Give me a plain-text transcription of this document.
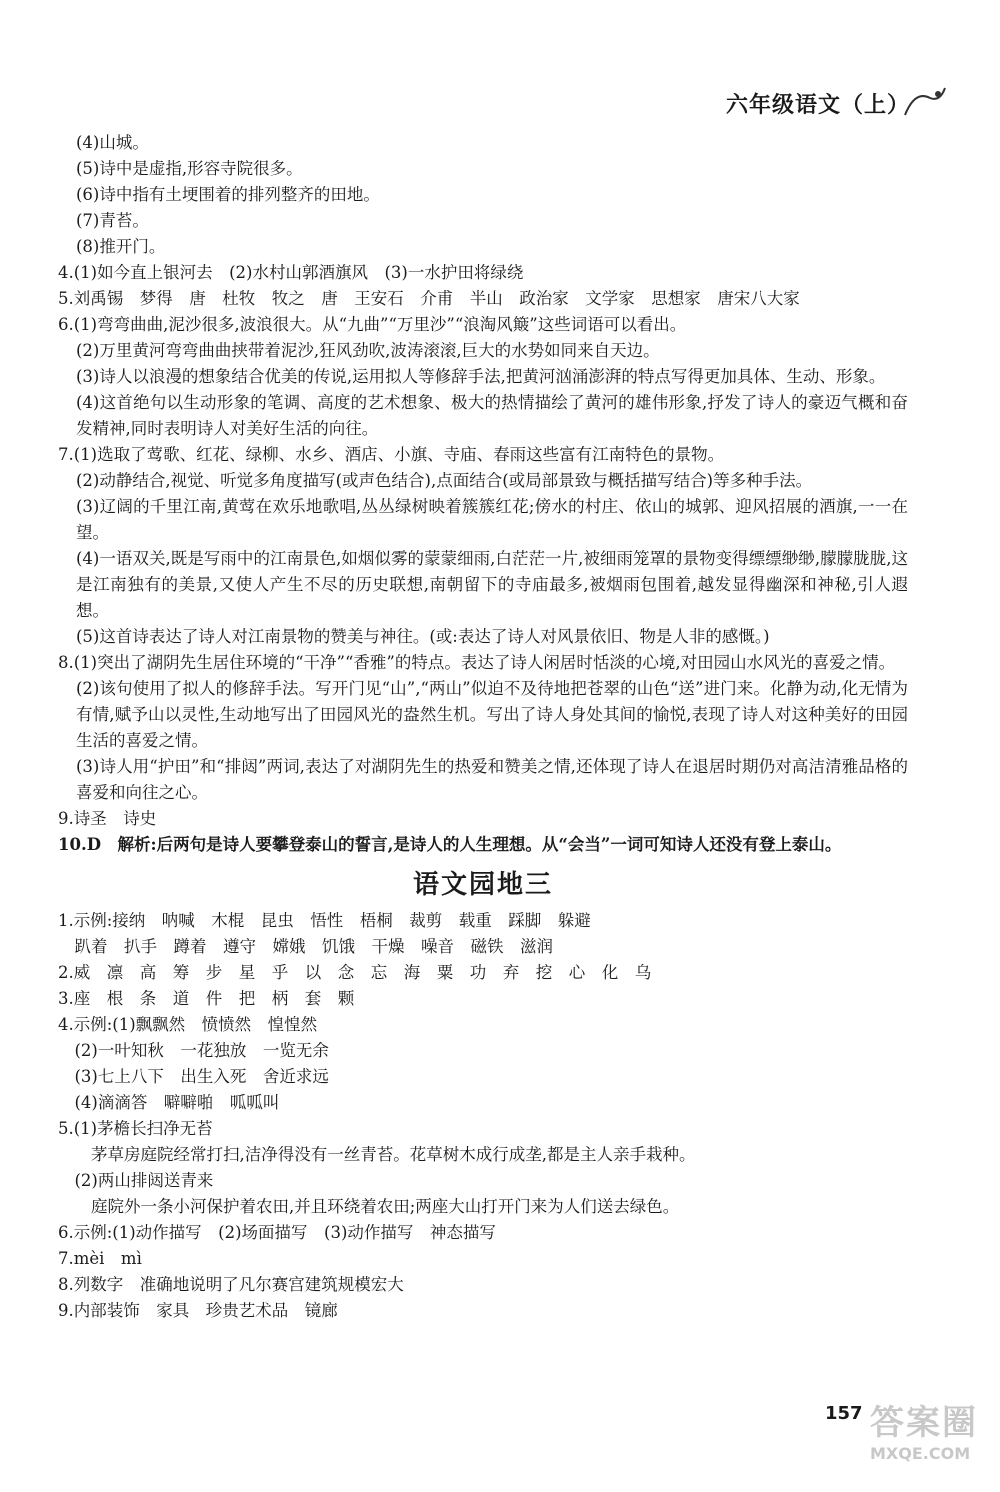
六年级语文（上）
(4)山城。
(5)诗中是虚指,形容寺院很多。
(6)诗中指有土埂围着的排列整齐的田地。
(7)青苔。
(8)推开门。
4.(1)如今直上银河去　(2)水村山郭酒旗风　(3)一水护田将绿绕
5.刘禹锡　梦得　唐　杜牧　牧之　唐　王安石　介甫　半山　政治家　文学家　思想家　唐宋八大家
6.(1)弯弯曲曲,泥沙很多,波浪很大。从“九曲”“万里沙”“浪淘风簸”这些词语可以看出。
(2)万里黄河弯弯曲曲挟带着泥沙,狂风劲吹,波涛滚滚,巨大的水势如同来自天边。
(3)诗人以浪漫的想象结合优美的传说,运用拟人等修辞手法,把黄河汹涌澎湃的特点写得更加具体、生动、形象。
(4)这首绝句以生动形象的笔调、高度的艺术想象、极大的热情描绘了黄河的雄伟形象,抒发了诗人的豪迈气概和奋发精神,同时表明诗人对美好生活的向往。
7.(1)选取了莺歌、红花、绿柳、水乡、酒店、小旗、寺庙、春雨这些富有江南特色的景物。
(2)动静结合,视觉、听觉多角度描写(或声色结合),点面结合(或局部景致与概括描写结合)等多种手法。
(3)辽阔的千里江南,黄莺在欢乐地歌唱,丛丛绿树映着簇簇红花;傍水的村庄、依山的城郭、迎风招展的酒旗,一一在望。
(4)一语双关,既是写雨中的江南景色,如烟似雾的蒙蒙细雨,白茫茫一片,被细雨笼罩的景物变得缥缥缈缈,朦朦胧胧,这是江南独有的美景,又使人产生不尽的历史联想,南朝留下的寺庙最多,被烟雨包围着,越发显得幽深和神秘,引人遐想。
(5)这首诗表达了诗人对江南景物的赞美与神往。(或:表达了诗人对风景依旧、物是人非的感慨。)
8.(1)突出了湖阴先生居住环境的“干净”“香雅”的特点。表达了诗人闲居时恬淡的心境,对田园山水风光的喜爱之情。
(2)该句使用了拟人的修辞手法。写开门见“山”,“两山”似迫不及待地把苍翠的山色“送”进门来。化静为动,化无情为有情,赋予山以灵性,生动地写出了田园风光的盎然生机。写出了诗人身处其间的愉悦,表现了诗人对这种美好的田园生活的喜爱之情。
(3)诗人用“护田”和“排闼”两词,表达了对湖阴先生的热爱和赞美之情,还体现了诗人在退居时期仍对高洁清雅品格的喜爱和向往之心。
9.诗圣　诗史
10.D　解析:后两句是诗人要攀登泰山的誓言,是诗人的人生理想。从“会当”一词可知诗人还没有登上泰山。
语文园地三
1.示例:接纳　呐喊　木棍　昆虫　悟性　梧桐　裁剪　载重　踩脚　躲避
　趴着　扒手　蹲着　遵守　嫦娥　饥饿　干燥　噪音　磁铁　滋润
2.威　凛　高　筹　步　星　乎　以　念　忘　海　粟　功　弃　挖　心　化　乌
3.座　根　条　道　件　把　柄　套　颗
4.示例:(1)飘飘然　愤愤然　惶惶然
　(2)一叶知秋　一花独放　一览无余
　(3)七上八下　出生入死　舍近求远
　(4)滴滴答　噼噼啪　呱呱叫
5.(1)茅檐长扫净无苔
　　茅草房庭院经常打扫,洁净得没有一丝青苔。花草树木成行成垄,都是主人亲手栽种。
　(2)两山排闼送青来
　　庭院外一条小河保护着农田,并且环绕着农田;两座大山打开门来为人们送去绿色。
6.示例:(1)动作描写　(2)场面描写　(3)动作描写　神态描写
7.mèi　mì
8.列数字　准确地说明了凡尔赛宫建筑规模宏大
9.内部装饰　家具　珍贵艺术品　镜廊
157 答案圈
MXQE.COM
